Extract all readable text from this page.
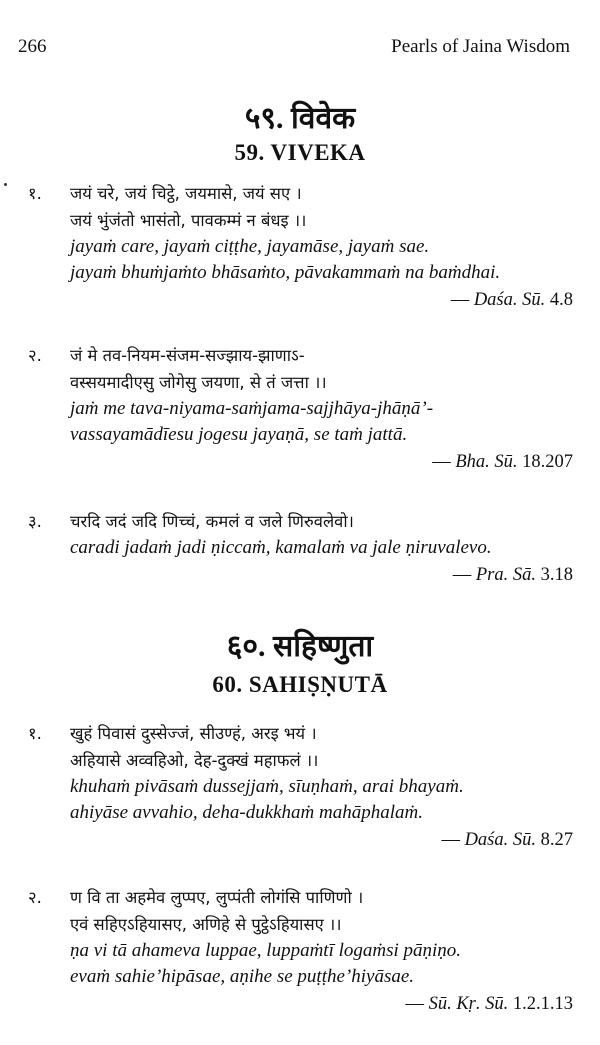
266	Pearls of Jaina Wisdom
५९. विवेक
59. VIVEKA
१. जयं चरे, जयं चिट्ठे, जयमासे, जयं सए ।
जयं भुंजंतो भासंतो, पावकम्मं न बंधइ ।।
jayaṁ care, jayaṁ ciṭṭhe, jayamāse, jayaṁ sae.
jayaṁ bhuṁjaṁto bhāsaṁto, pāvakammaṁ na baṁdhai.
— Daśa. Sū. 4.8
२. जं मे तव-नियम-संजम-सज्झाय-झाणाऽ-
वस्सयमादीएसु जोगेसु जयणा, से तं जत्ता ।।
jaṁ me tava-niyama-saṁjama-sajjhāya-jhāṇā’-
vassayamādīesu jogesu jayaṇā, se taṁ jattā.
— Bha. Sū. 18.207
३. चरदि जदं जदि णिच्चं, कमलं व जले णिरुवलेवो।
caradi jadaṁ jadi ṇiccaṁ, kamalaṁ va jale ṇiruvalevo.
— Pra. Sā. 3.18
६०. सहिष्णुता
60. SAHIṢṆUTĀ
१. खुहं पिवासं दुस्सेज्जं, सीउण्हं, अरइ भयं ।
अहियासे अव्वहिओ, देह-दुक्खं महाफलं ।।
khuhaṁ pivāsaṁ dussejjaṁ, sīuṇhaṁ, arai bhayaṁ.
ahiyāse avvahio, deha-dukkhaṁ mahāphalaṁ.
— Daśa. Sū. 8.27
२. ण वि ता अहमेव लुप्पए, लुप्पंती लोगंसि पाणिणो ।
एवं सहिएऽहियासए, अणिहे से पुट्ठेऽहियासए ।।
ṇa vi tā ahameva luppae, luppaṁtī logaṁsi pāṇiṇo.
evaṁ sahie’hipāsae, aṇihe se puṭṭhe’hiyāsae.
— Sū. Kṛ. Sū. 1.2.1.13
